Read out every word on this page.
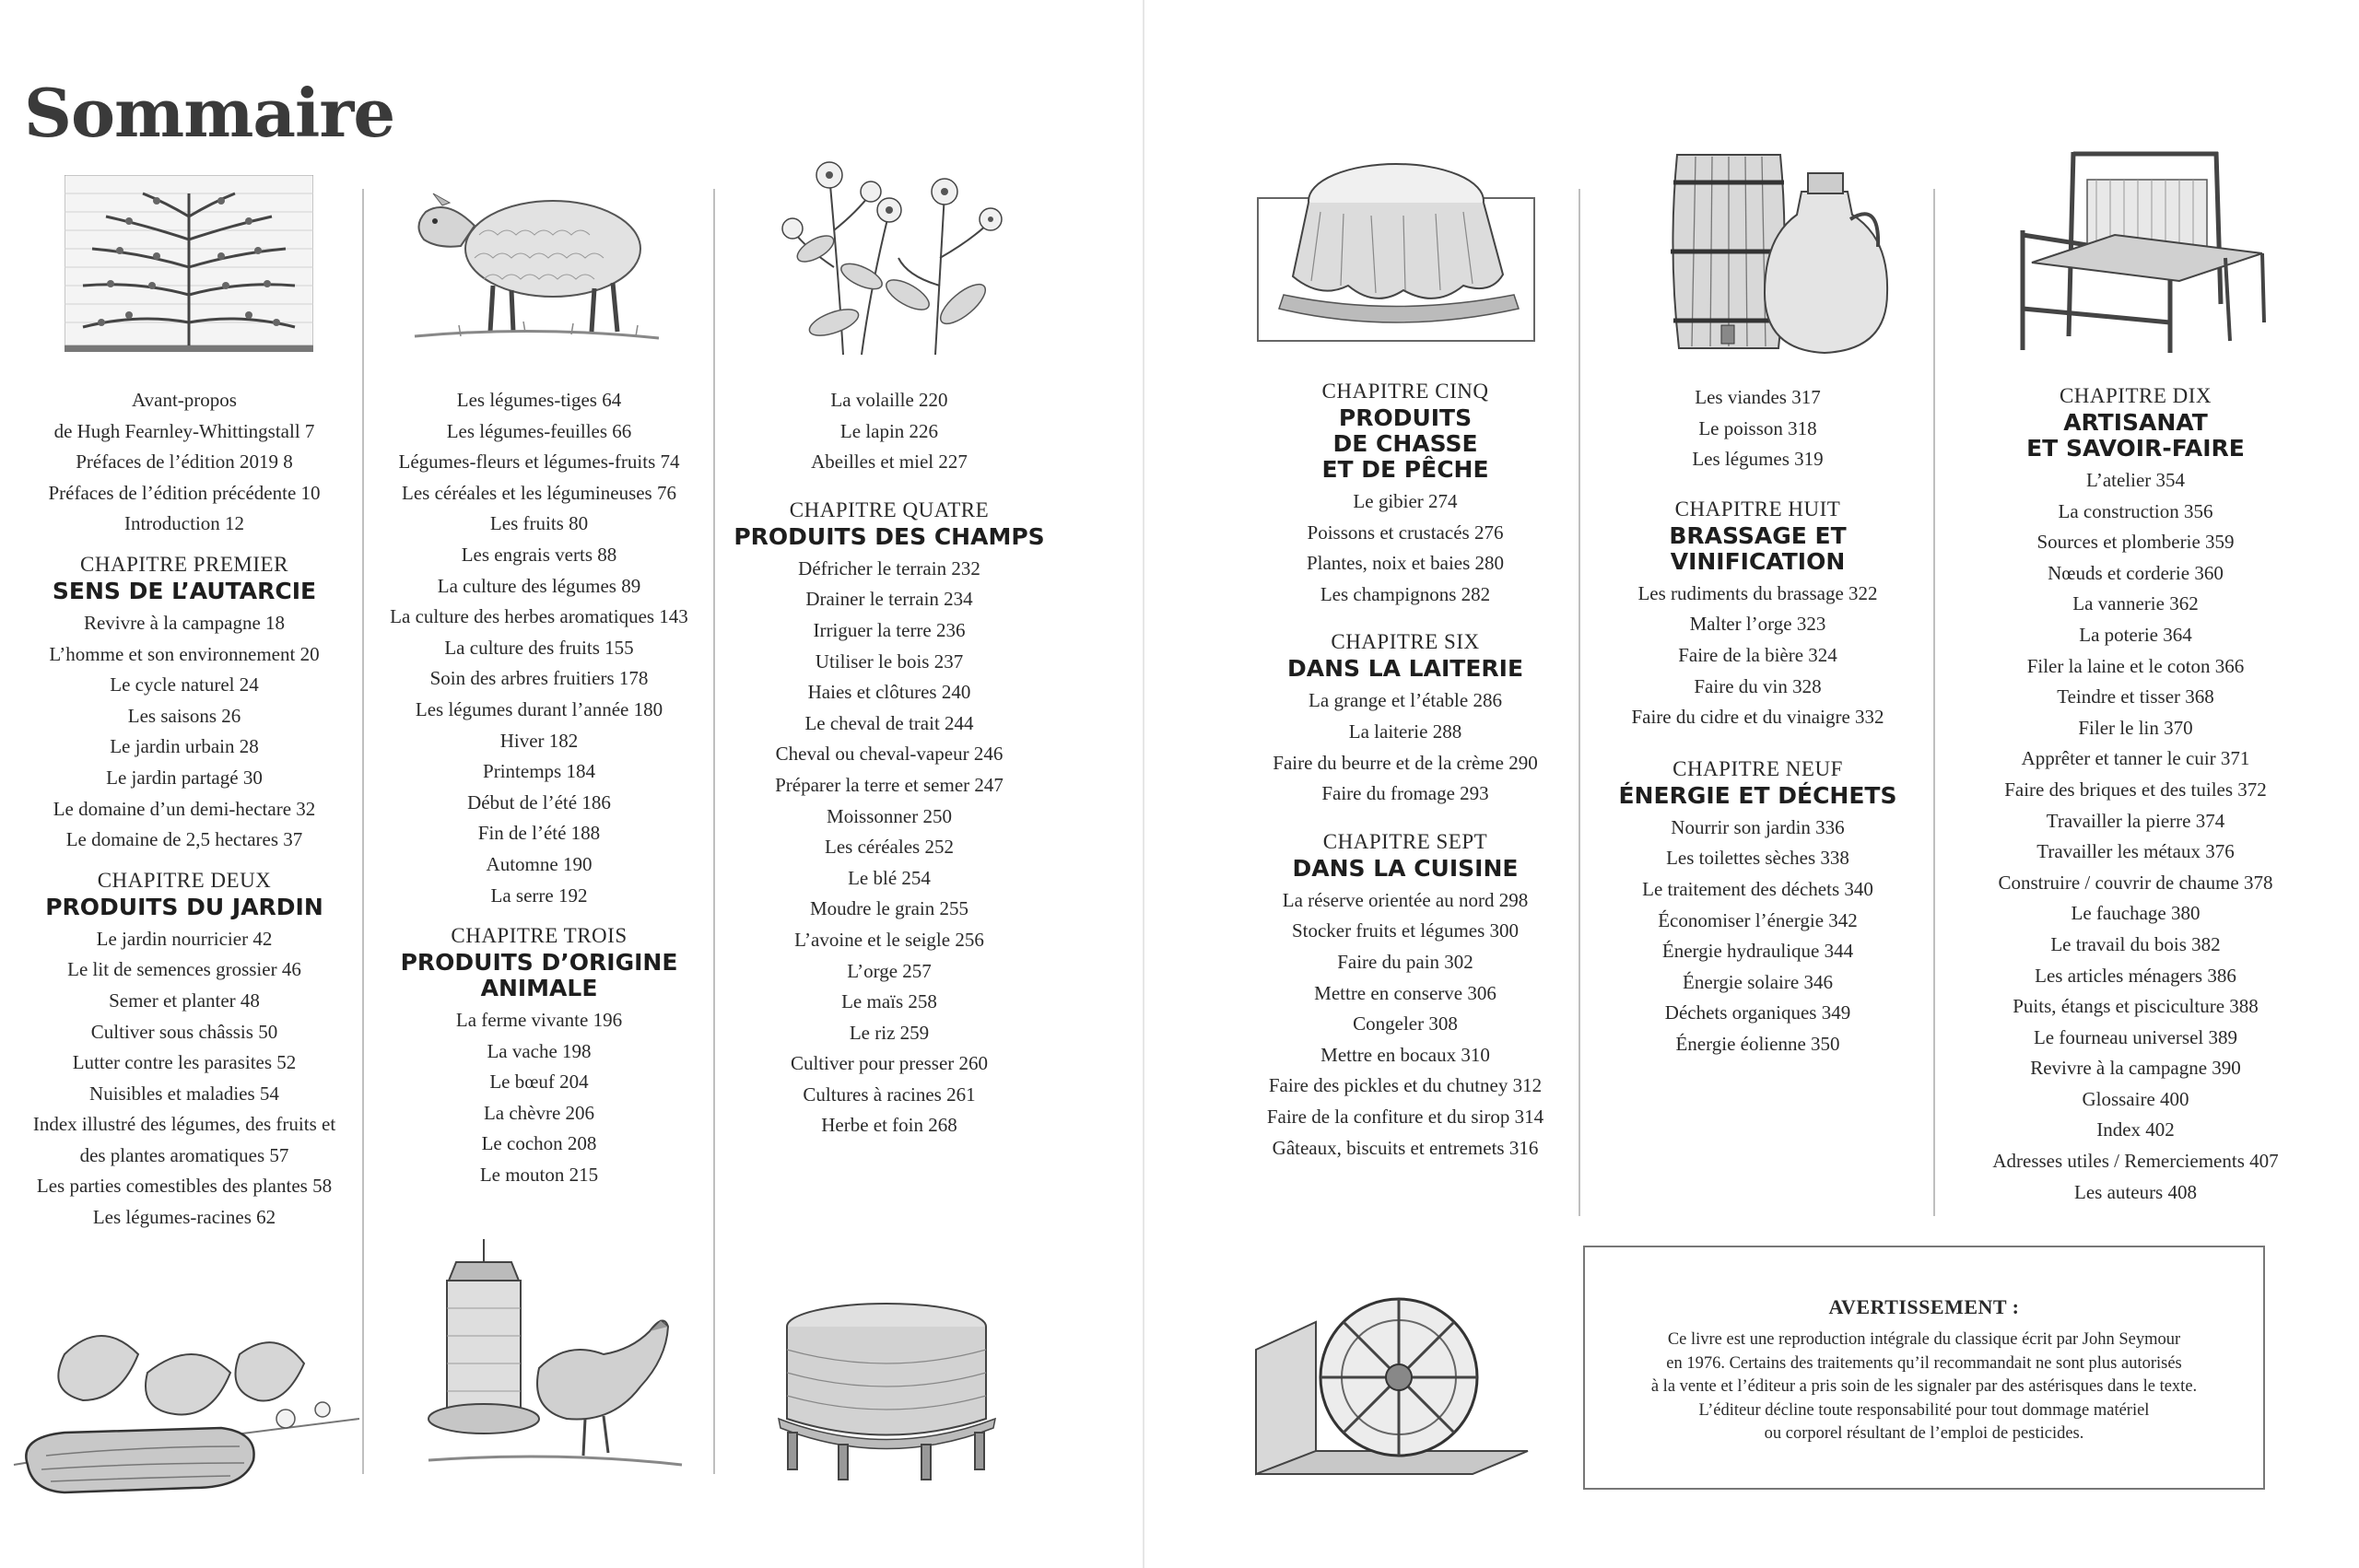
Sommaire
Avant-propos
de Hugh Fearnley-Whittingstall 7
Préfaces de l’édition 2019 8
Préfaces de l’édition précédente 10
Introduction 12
CHAPITRE PREMIER
SENS DE L’AUTARCIE
Revivre à la campagne 18
L’homme et son environnement 20
Le cycle naturel 24
Les saisons 26
Le jardin urbain 28
Le jardin partagé 30
Le domaine d’un demi-hectare 32
Le domaine de 2,5 hectares 37
CHAPITRE DEUX
PRODUITS DU JARDIN
Le jardin nourricier 42
Le lit de semences grossier 46
Semer et planter 48
Cultiver sous châssis 50
Lutter contre les parasites 52
Nuisibles et maladies 54
Index illustré des légumes, des fruits et
des plantes aromatiques 57
Les parties comestibles des plantes 58
Les légumes-racines 62
Les légumes-tiges 64
Les légumes-feuilles 66
Légumes-fleurs et légumes-fruits 74
Les céréales et les légumineuses 76
Les fruits 80
Les engrais verts 88
La culture des légumes 89
La culture des herbes aromatiques 143
La culture des fruits 155
Soin des arbres fruitiers 178
Les légumes durant l’année 180
Hiver 182
Printemps 184
Début de l’été 186
Fin de l’été 188
Automne 190
La serre 192
CHAPITRE TROIS
PRODUITS D’ORIGINE
ANIMALE
La ferme vivante 196
La vache 198
Le bœuf 204
La chèvre 206
Le cochon 208
Le mouton 215
La volaille 220
Le lapin 226
Abeilles et miel 227
CHAPITRE QUATRE
PRODUITS DES CHAMPS
Défricher le terrain 232
Drainer le terrain 234
Irriguer la terre 236
Utiliser le bois 237
Haies et clôtures 240
Le cheval de trait 244
Cheval ou cheval-vapeur 246
Préparer la terre et semer 247
Moissonner 250
Les céréales 252
Le blé 254
Moudre le grain 255
L’avoine et le seigle 256
L’orge 257
Le maïs 258
Le riz 259
Cultiver pour presser 260
Cultures à racines 261
Herbe et foin 268
CHAPITRE CINQ
PRODUITS
DE CHASSE
ET DE PÊCHE
Le gibier 274
Poissons et crustacés 276
Plantes, noix et baies 280
Les champignons 282
CHAPITRE SIX
DANS LA LAITERIE
La grange et l’étable 286
La laiterie 288
Faire du beurre et de la crème 290
Faire du fromage 293
CHAPITRE SEPT
DANS LA CUISINE
La réserve orientée au nord 298
Stocker fruits et légumes 300
Faire du pain 302
Mettre en conserve 306
Congeler 308
Mettre en bocaux 310
Faire des pickles et du chutney 312
Faire de la confiture et du sirop 314
Gâteaux, biscuits et entremets 316
Les viandes 317
Le poisson 318
Les légumes 319
CHAPITRE HUIT
BRASSAGE ET
VINIFICATION
Les rudiments du brassage 322
Malter l’orge 323
Faire de la bière 324
Faire du vin 328
Faire du cidre et du vinaigre 332
CHAPITRE NEUF
ÉNERGIE ET DÉCHETS
Nourrir son jardin 336
Les toilettes sèches 338
Le traitement des déchets 340
Économiser l’énergie 342
Énergie hydraulique 344
Énergie solaire 346
Déchets organiques 349
Énergie éolienne 350
CHAPITRE DIX
ARTISANAT
ET SAVOIR-FAIRE
L’atelier 354
La construction 356
Sources et plomberie 359
Nœuds et corderie 360
La vannerie 362
La poterie 364
Filer la laine et le coton 366
Teindre et tisser 368
Filer le lin 370
Apprêter et tanner le cuir 371
Faire des briques et des tuiles 372
Travailler la pierre 374
Travailler les métaux 376
Construire / couvrir de chaume 378
Le fauchage 380
Le travail du bois 382
Les articles ménagers 386
Puits, étangs et pisciculture 388
Le fourneau universel 389
Revivre à la campagne 390
Glossaire 400
Index 402
Adresses utiles / Remerciements 407
Les auteurs 408
AVERTISSEMENT :
Ce livre est une reproduction intégrale du classique écrit par John Seymour
en 1976. Certains des traitements qu’il recommandait ne sont plus autorisés
à la vente et l’éditeur a pris soin de les signaler par des astérisques dans le texte.
L’éditeur décline toute responsabilité pour tout dommage matériel
ou corporel résultant de l’emploi de pesticides.
